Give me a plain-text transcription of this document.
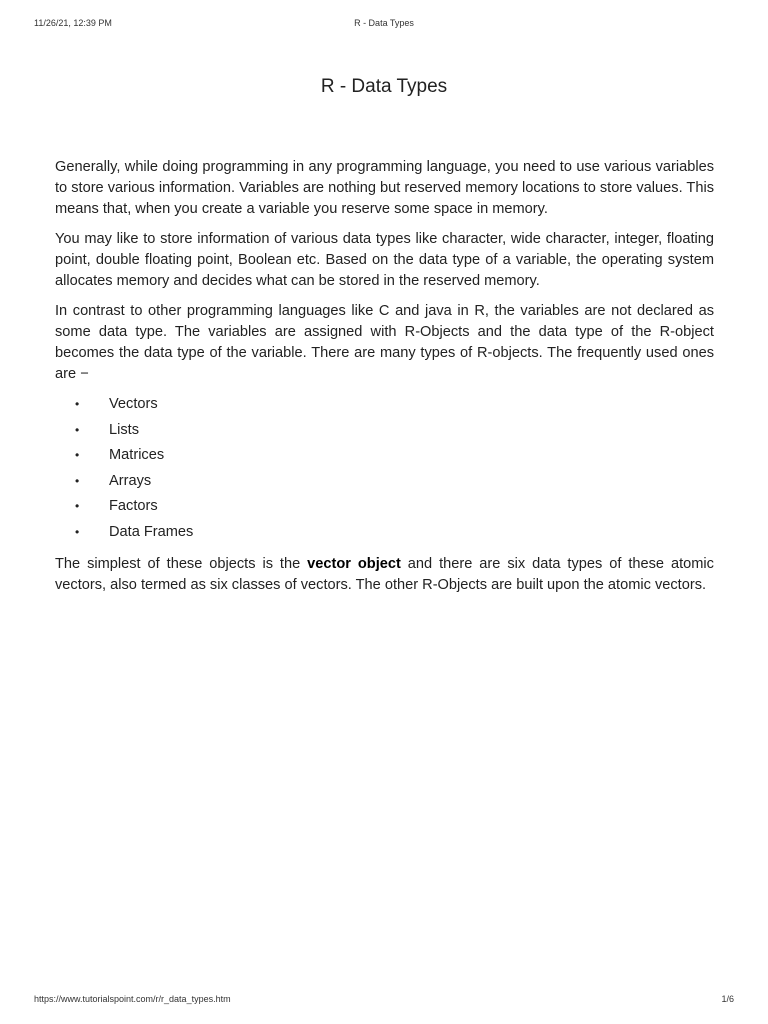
11/26/21, 12:39 PM	R - Data Types
R - Data Types

Generally, while doing programming in any programming language, you need to use various variables to store various information. Variables are nothing but reserved memory locations to store values. This means that, when you create a variable you reserve some space in memory.

You may like to store information of various data types like character, wide character, integer, floating point, double floating point, Boolean etc. Based on the data type of a variable, the operating system allocates memory and decides what can be stored in the reserved memory.

In contrast to other programming languages like C and java in R, the variables are not declared as some data type. The variables are assigned with R-Objects and the data type of the R-object becomes the data type of the variable. There are many types of R-objects. The frequently used ones are −

• Vectors
• Lists
• Matrices
• Arrays
• Factors
• Data Frames

The simplest of these objects is the vector object and there are six data types of these atomic vectors, also termed as six classes of vectors. The other R-Objects are built upon the atomic vectors.

https://www.tutorialspoint.com/r/r_data_types.htm	1/6
